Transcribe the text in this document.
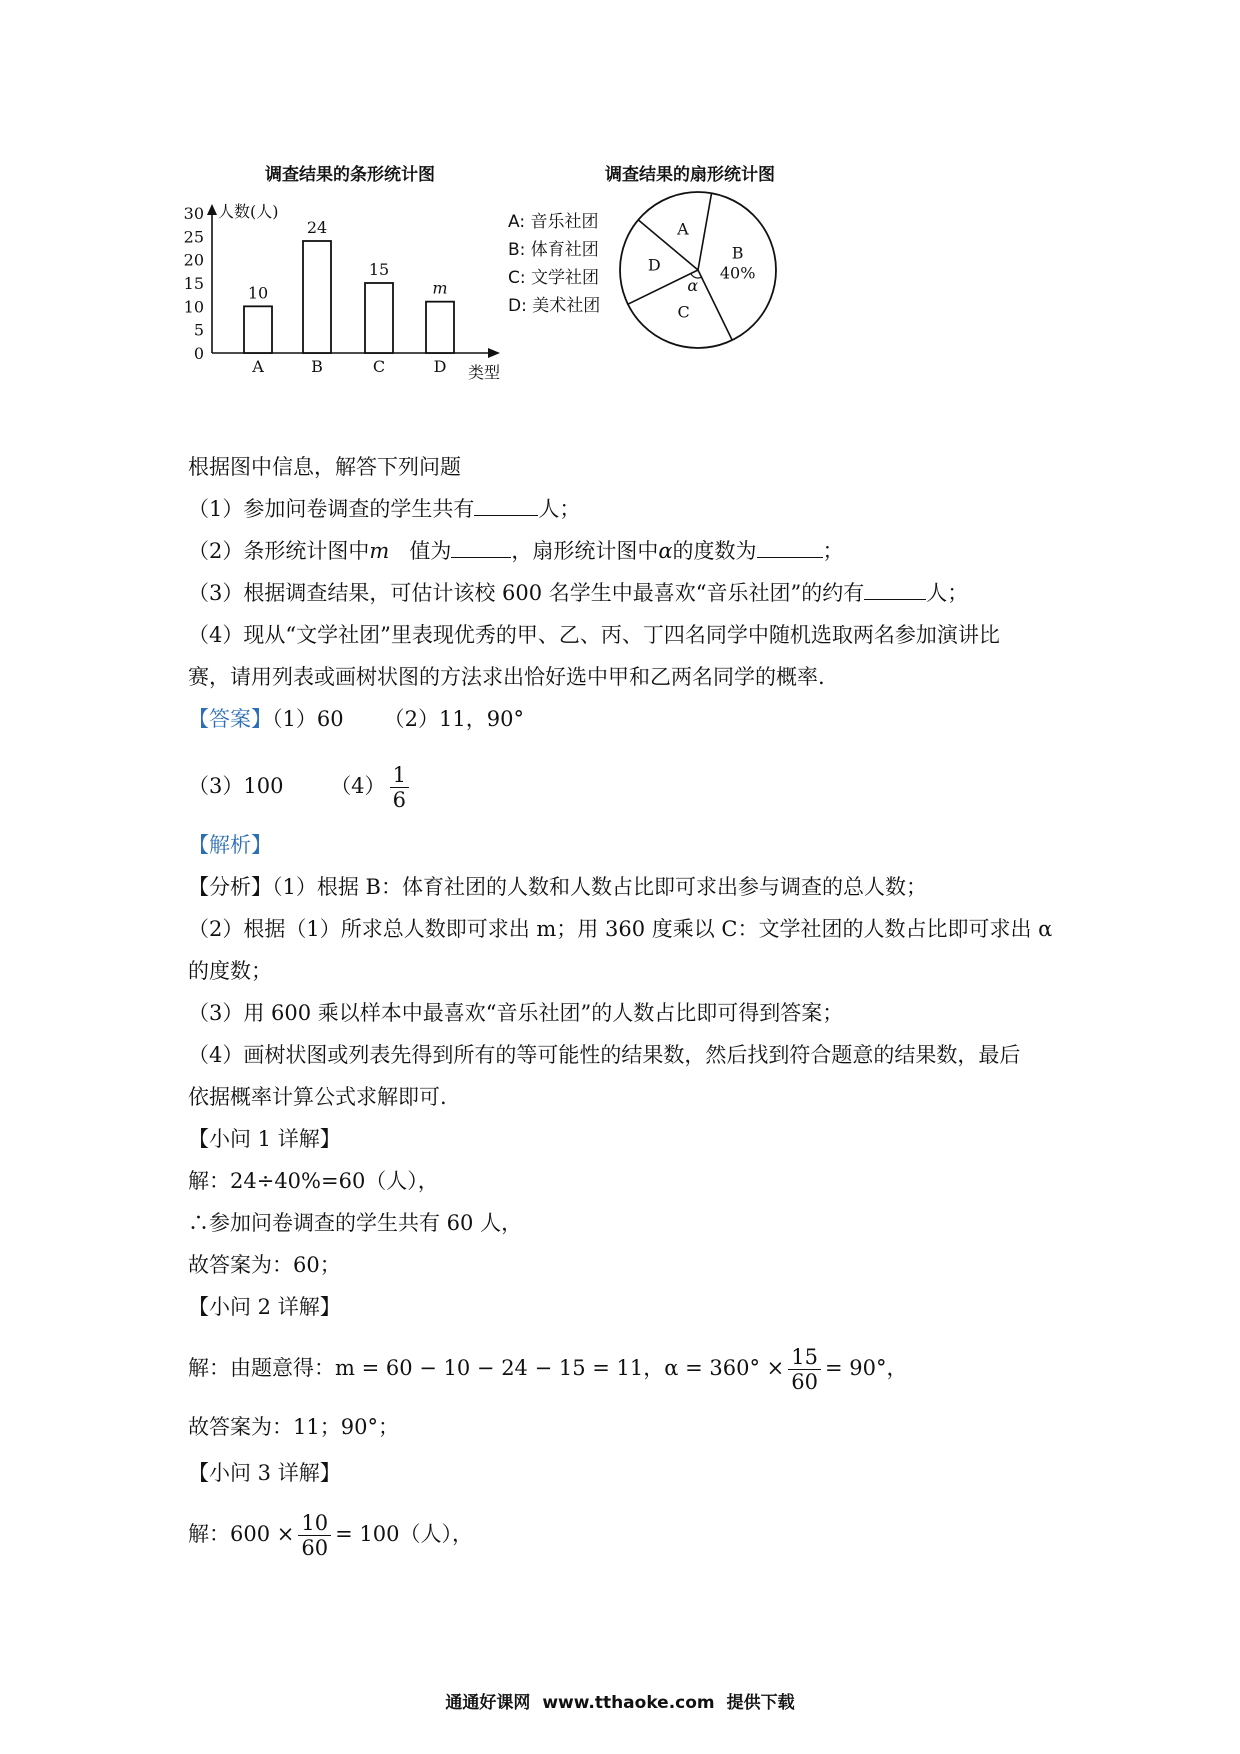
调查结果的条形统计图
人数(人)
类型
0
5
10
15
20
25
30
10
A
24
B
15
C
m
D
调查结果的扇形统计图
A: 音乐社团
B: 体育社团
C: 文学社团
D: 美术社团
B
40%
C
α
D
A
根据图中信息，解答下列问题
（1）参加问卷调查的学生共有	人；
（2）条形统计图中m 值为	，扇形统计图中α的度数为	；
（3）根据调查结果，可估计该校 600 名学生中最喜欢“音乐社团”的约有	人；
（4）现从“文学社团”里表现优秀的甲、乙、丙、丁四名同学中随机选取两名参加演讲比
赛，请用列表或画树状图的方法求出恰好选中甲和乙两名同学的概率.
【答案】（1）60 （2）11，90°
（3）100 $(4) \frac{1}{6}$
【解析】
【分析】（1）根据 B：体育社团的人数和人数占比即可求出参与调查的总人数；
（2）根据（1）所求总人数即可求出 m；用 360 度乘以 C：文学社团的人数占比即可求出 α
的度数；
（3）用 600 乘以样本中最喜欢“音乐社团”的人数占比即可得到答案；
（4）画树状图或列表先得到所有的等可能性的结果数，然后找到符合题意的结果数，最后
依据概率计算公式求解即可.
【小问 1 详解】
解：24÷40%=60（人），
∴参加问卷调查的学生共有 60 人，
故答案为：60；
【小问 2 详解】
解：由题意得：m = 60 − 10 − 24 − 15 = 11，$\alpha = 360^\circ \times \frac{15}{60} = 90^\circ$，
故答案为：11；90°；
【小问 3 详解】
解：$600 \times \frac{10}{60} = 100$（人），
通通好课网 www.tthaoke.com 提供下载
